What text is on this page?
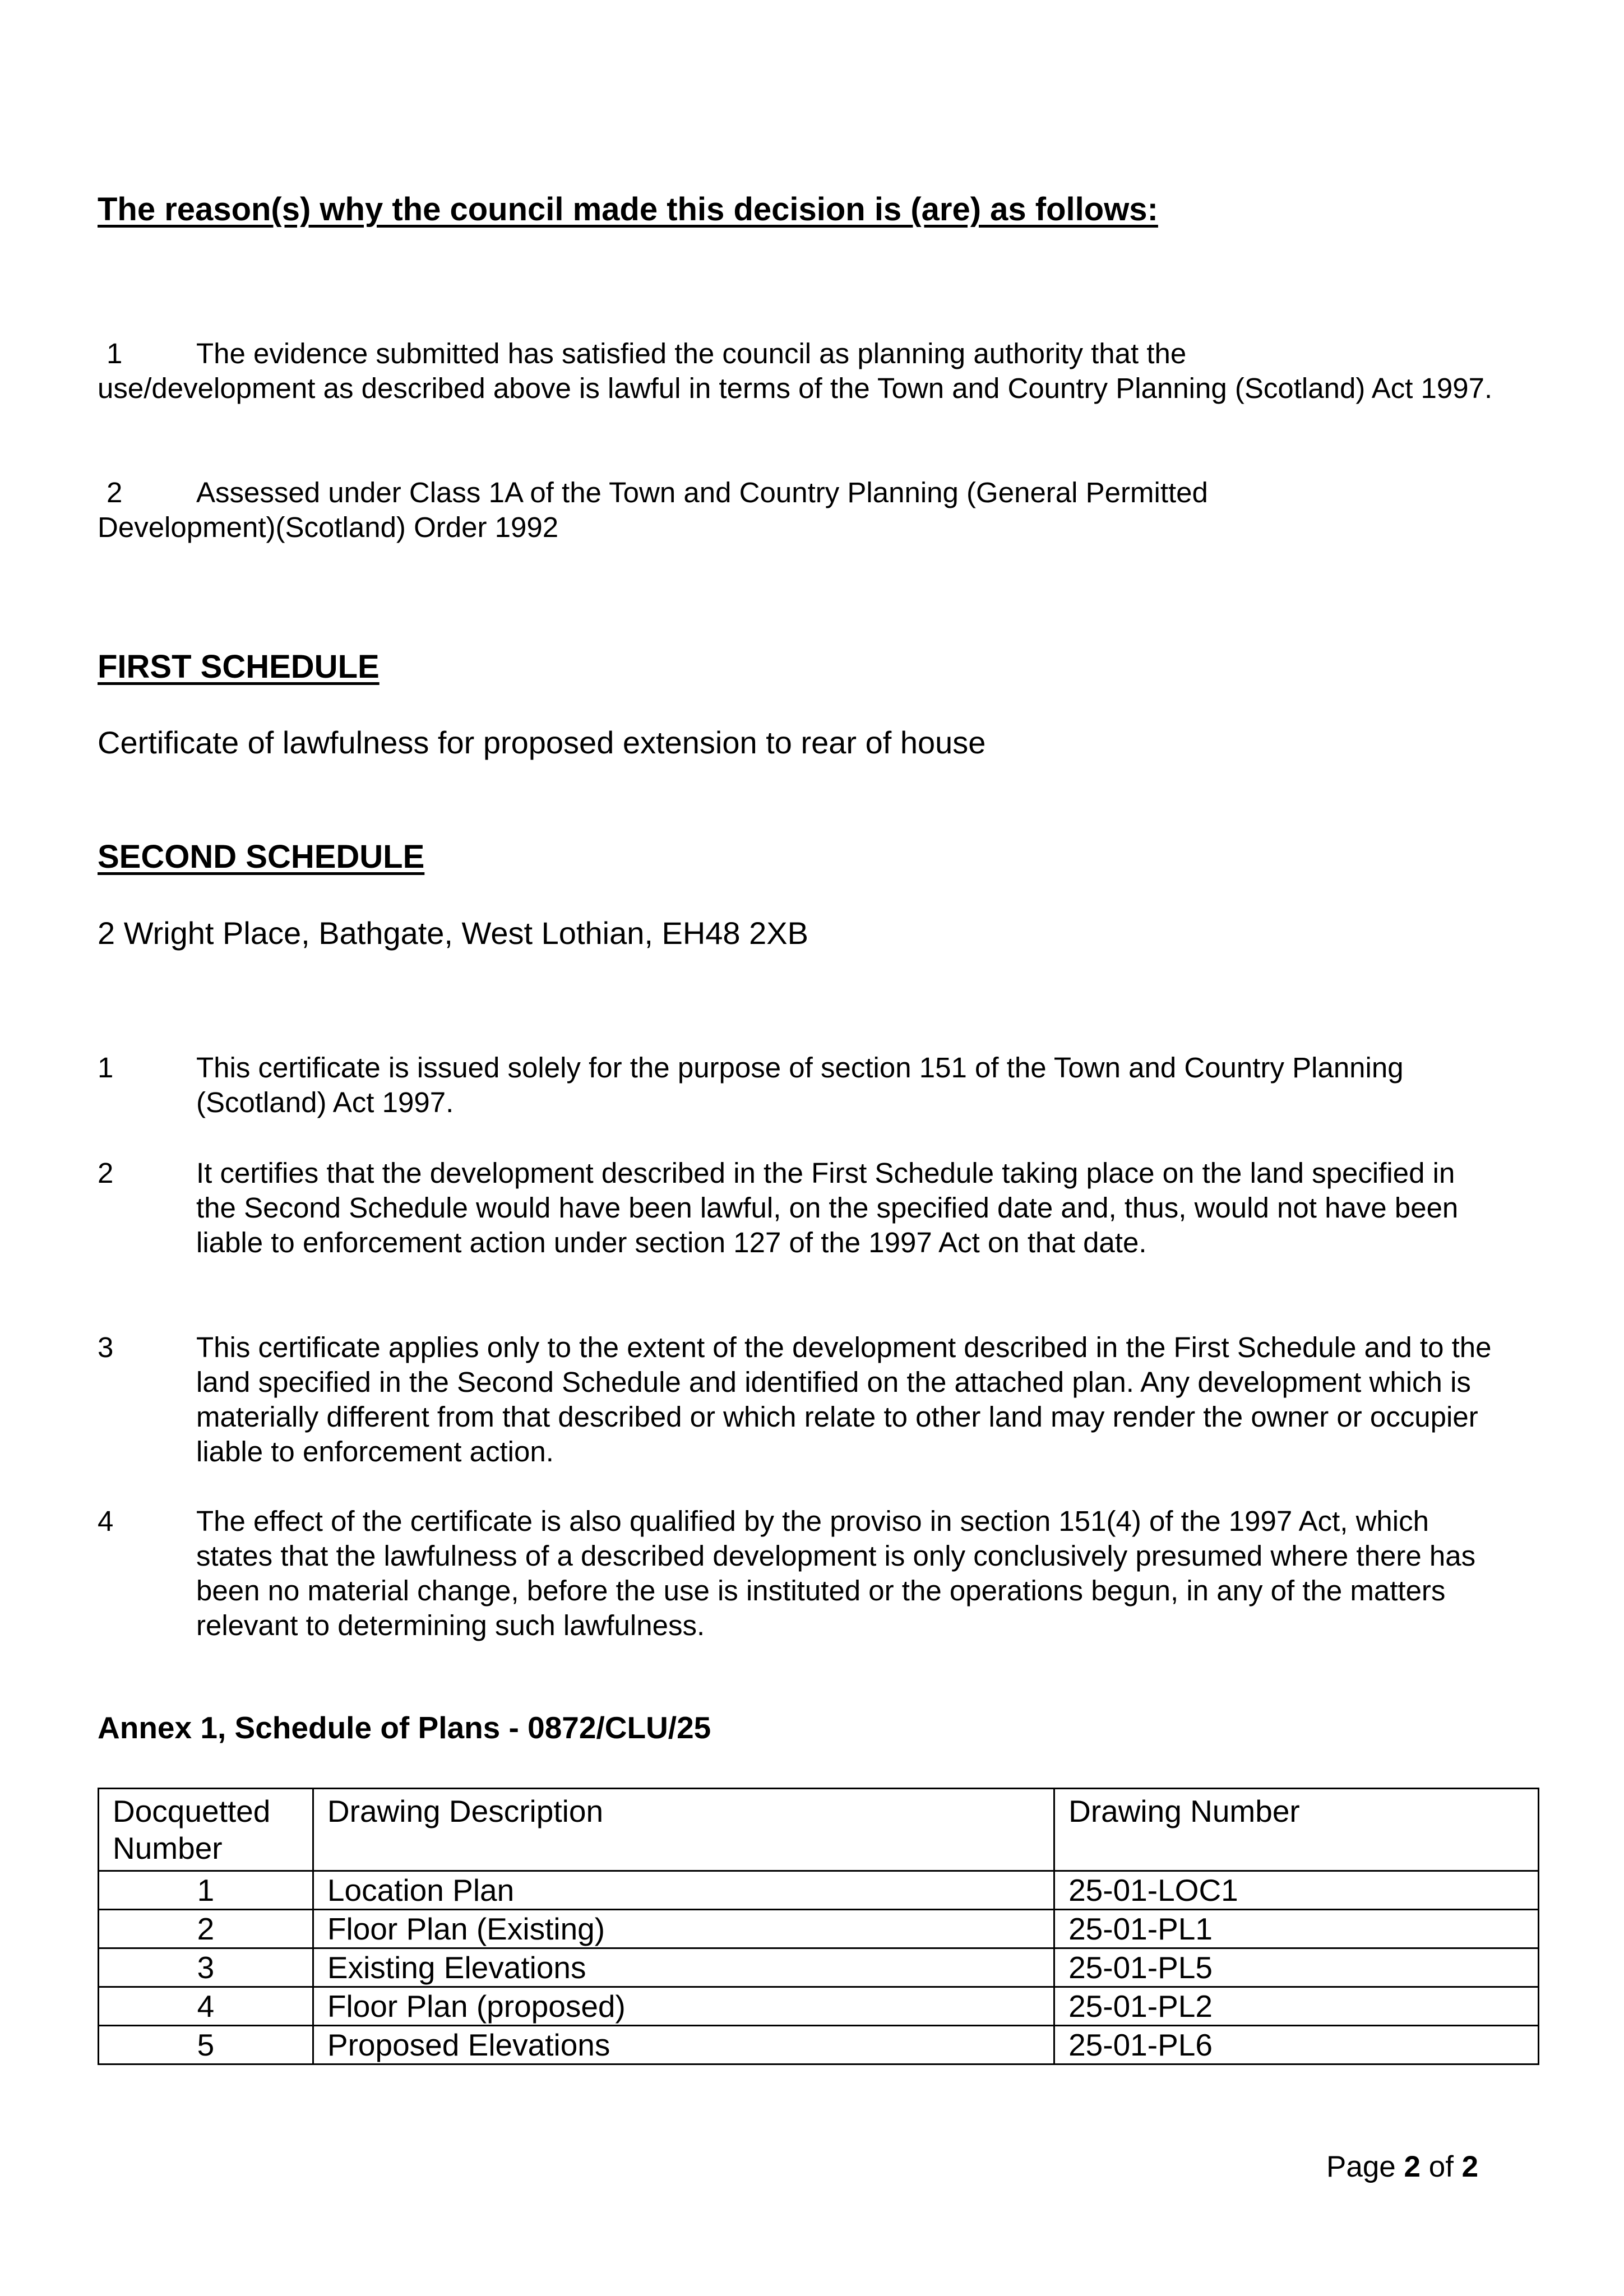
The reason(s) why the council made this decision is (are) as follows:
1	The evidence submitted has satisfied the council as planning authority that the
use/development as described above is lawful in terms of the Town and Country Planning (Scotland) Act 1997.
2	Assessed under Class 1A of the Town and Country Planning (General Permitted
Development)(Scotland) Order 1992
FIRST SCHEDULE
Certificate of lawfulness for proposed extension to rear of house
SECOND SCHEDULE
2 Wright Place, Bathgate, West Lothian, EH48 2XB
1	This certificate is issued solely for the purpose of section 151 of the Town and Country Planning (Scotland) Act 1997.
2	It certifies that the development described in the First Schedule taking place on the land specified in the Second Schedule would have been lawful, on the specified date and, thus, would not have been liable to enforcement action under section 127 of the 1997 Act on that date.
3	This certificate applies only to the extent of the development described in the First Schedule and to the land specified in the Second Schedule and identified on the attached plan. Any development which is materially different from that described or which relate to other land may render the owner or occupier liable to enforcement action.
4	The effect of the certificate is also qualified by the proviso in section 151(4) of the 1997 Act, which states that the lawfulness of a described development is only conclusively presumed where there has been no material change, before the use is instituted or the operations begun, in any of the matters relevant to determining such lawfulness.
Annex 1, Schedule of Plans - 0872/CLU/25
Docquetted Number	Drawing Description	Drawing Number
1	Location Plan	25-01-LOC1
2	Floor Plan (Existing)	25-01-PL1
3	Existing Elevations	25-01-PL5
4	Floor Plan (proposed)	25-01-PL2
5	Proposed Elevations	25-01-PL6
Page 2 of 2
